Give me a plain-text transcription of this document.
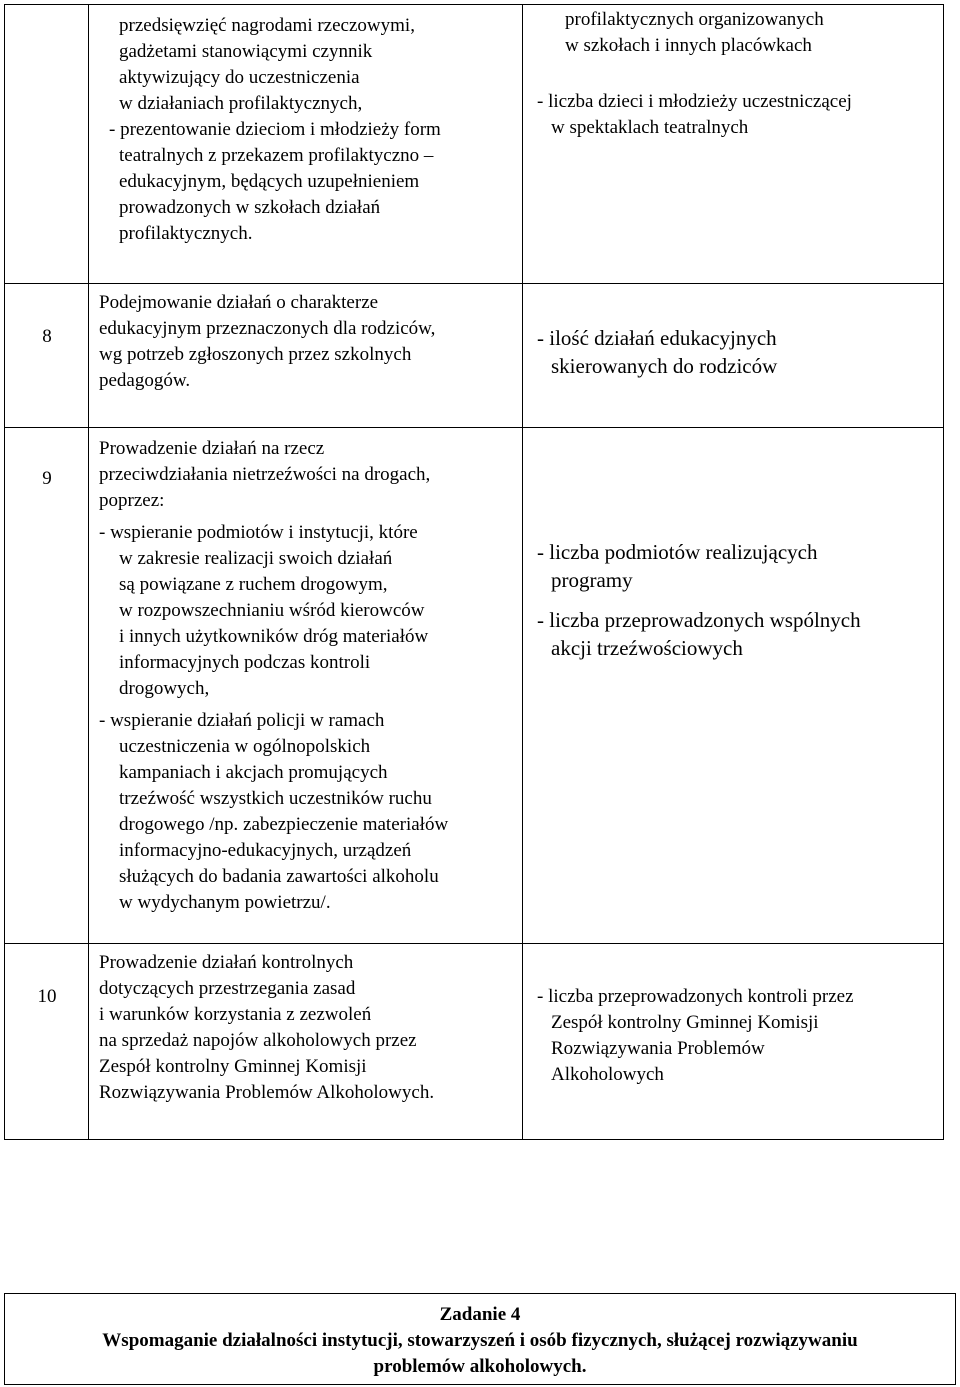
przedsięwzięć nagrodami rzeczowymi,
gadżetami stanowiącymi czynnik
aktywizujący do uczestniczenia
w działaniach profilaktycznych,
- prezentowanie dzieciom i młodzieży form
teatralnych z przekazem profilaktyczno –
edukacyjnym, będących uzupełnieniem
prowadzonych w szkołach działań
profilaktycznych.
profilaktycznych organizowanych
w szkołach i innych placówkach
- liczba dzieci i młodzieży uczestniczącej
w spektaklach teatralnych
8
Podejmowanie działań o charakterze
edukacyjnym przeznaczonych dla rodziców,
wg potrzeb zgłoszonych przez szkolnych
pedagogów.
- ilość działań edukacyjnych
skierowanych do rodziców
9
Prowadzenie działań na rzecz
przeciwdziałania nietrzeźwości na drogach,
poprzez:
- wspieranie podmiotów i instytucji, które
w zakresie realizacji swoich działań
są powiązane z ruchem drogowym,
w rozpowszechnianiu wśród kierowców
i innych użytkowników dróg materiałów
informacyjnych podczas kontroli
drogowych,
- wspieranie działań policji w ramach
uczestniczenia w ogólnopolskich
kampaniach i akcjach promujących
trzeźwość wszystkich uczestników ruchu
drogowego /np. zabezpieczenie materiałów
informacyjno-edukacyjnych, urządzeń
służących do badania zawartości alkoholu
w wydychanym powietrzu/.
- liczba podmiotów realizujących
programy
- liczba przeprowadzonych wspólnych
akcji trzeźwościowych
10
Prowadzenie działań kontrolnych
dotyczących przestrzegania zasad
i warunków korzystania z zezwoleń
na sprzedaż napojów alkoholowych przez
Zespół kontrolny Gminnej Komisji
Rozwiązywania Problemów Alkoholowych.
- liczba przeprowadzonych kontroli przez
Zespół kontrolny Gminnej Komisji
Rozwiązywania Problemów
Alkoholowych
Zadanie 4
Wspomaganie działalności instytucji, stowarzyszeń i osób fizycznych, służącej rozwiązywaniu
problemów alkoholowych.
